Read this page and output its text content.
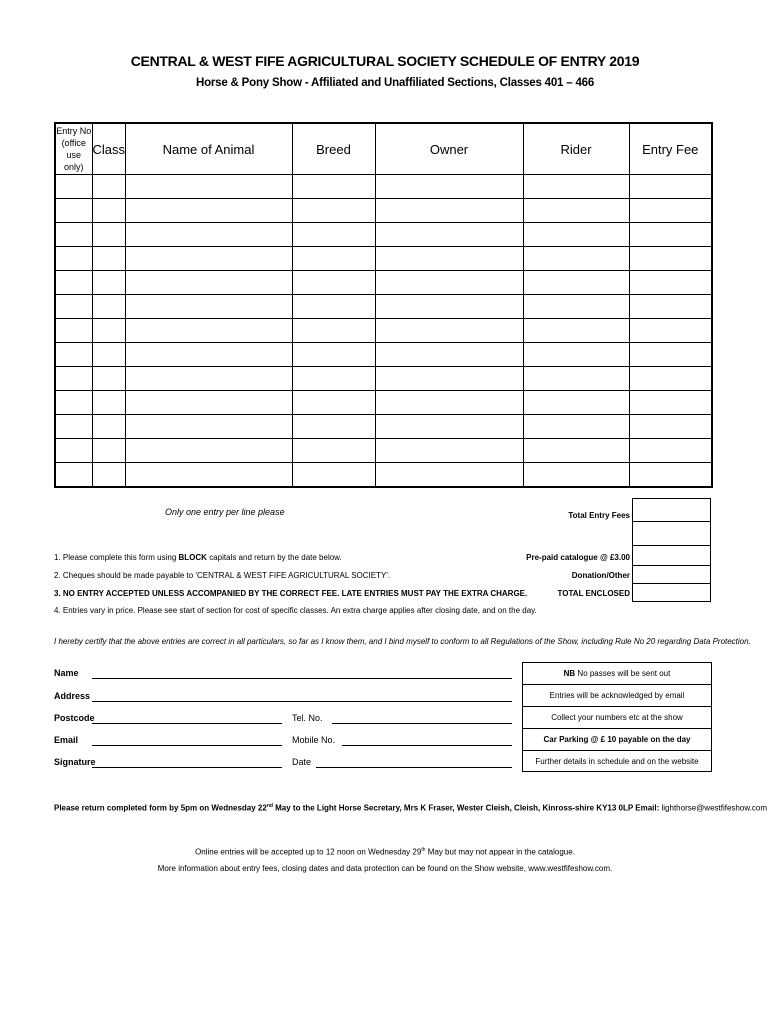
CENTRAL & WEST FIFE AGRICULTURAL SOCIETY SCHEDULE OF ENTRY 2019
Horse & Pony Show - Affiliated and Unaffiliated Sections, Classes 401 – 466
Entry No (office use only)	Class	Name of Animal	Breed	Owner	Rider	Entry Fee

Only one entry per line please	Total Entry Fees
Pre-paid catalogue @ £3.00
Donation/Other
TOTAL ENCLOSED
1. Please complete this form using BLOCK capitals and return by the date below.
2. Cheques should be made payable to 'CENTRAL & WEST FIFE AGRICULTURAL SOCIETY'.
3. NO ENTRY ACCEPTED UNLESS ACCOMPANIED BY THE CORRECT FEE. LATE ENTRIES MUST PAY THE EXTRA CHARGE.
4. Entries vary in price. Please see start of section for cost of specific classes. An extra charge applies after closing date, and on the day.
I hereby certify that the above entries are correct in all particulars, so far as I know them, and I bind myself to conform to all Regulations of the Show, including Rule No 20 regarding Data Protection.
Name
Address
Postcode	Tel. No.
Email	Mobile No.
Signature	Date
NB No passes will be sent out
Entries will be acknowledged by email
Collect your numbers etc at the show
Car Parking @ £ 10 payable on the day
Further details in schedule and on the website
Please return completed form by 5pm on Wednesday 22nd May to the Light Horse Secretary, Mrs K Fraser, Wester Cleish, Cleish, Kinross-shire KY13 0LP Email: lighthorse@westfifeshow.com
Online entries will be accepted up to 12 noon on Wednesday 29th May but may not appear in the catalogue.
More information about entry fees, closing dates and data protection can be found on the Show website, www.westfifeshow.com.
